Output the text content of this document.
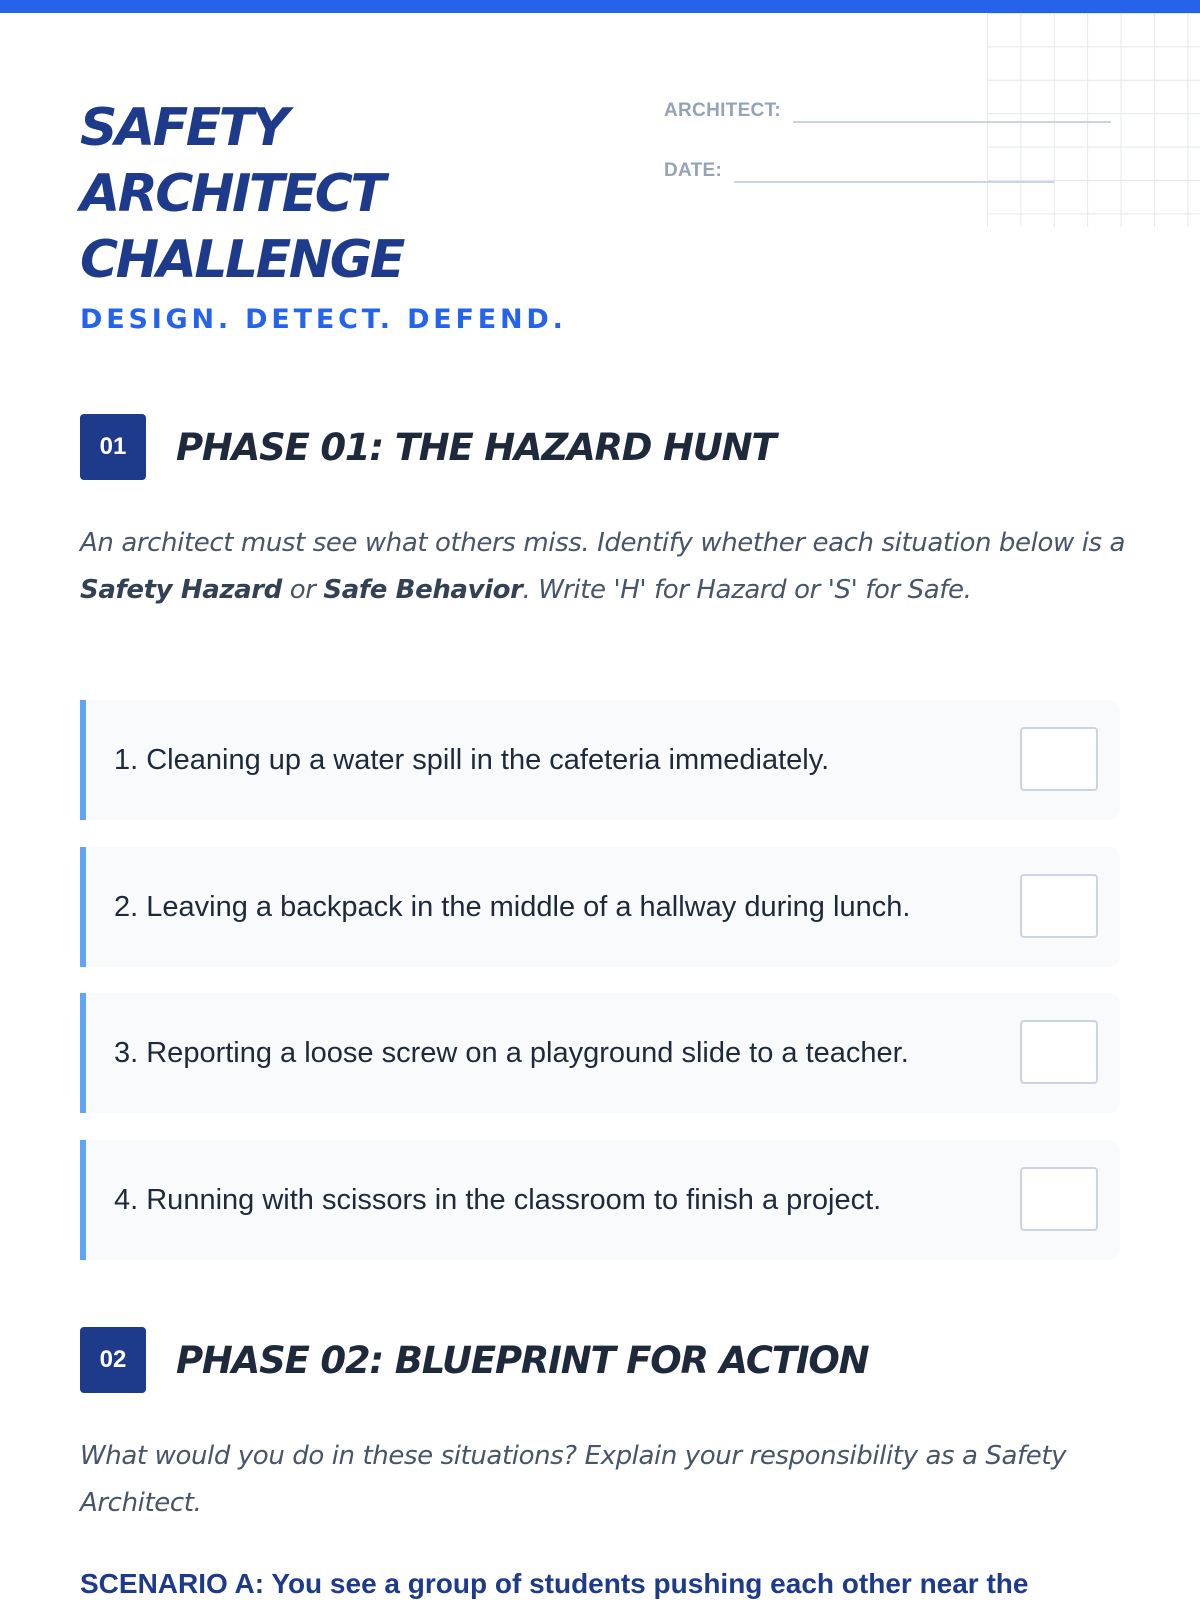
SAFETY
ARCHITECT
CHALLENGE
DESIGN. DETECT. DEFEND.
ARCHITECT:
DATE:
01	PHASE 01: THE HAZARD HUNT

An architect must see what others miss. Identify whether each situation below is a Safety Hazard or Safe Behavior. Write 'H' for Hazard or 'S' for Safe.

1. Cleaning up a water spill in the cafeteria immediately.
2. Leaving a backpack in the middle of a hallway during lunch.
3. Reporting a loose screw on a playground slide to a teacher.
4. Running with scissors in the classroom to finish a project.
02	PHASE 02: BLUEPRINT FOR ACTION

What would you do in these situations? Explain your responsibility as a Safety Architect.

SCENARIO A: You see a group of students pushing each other near the
